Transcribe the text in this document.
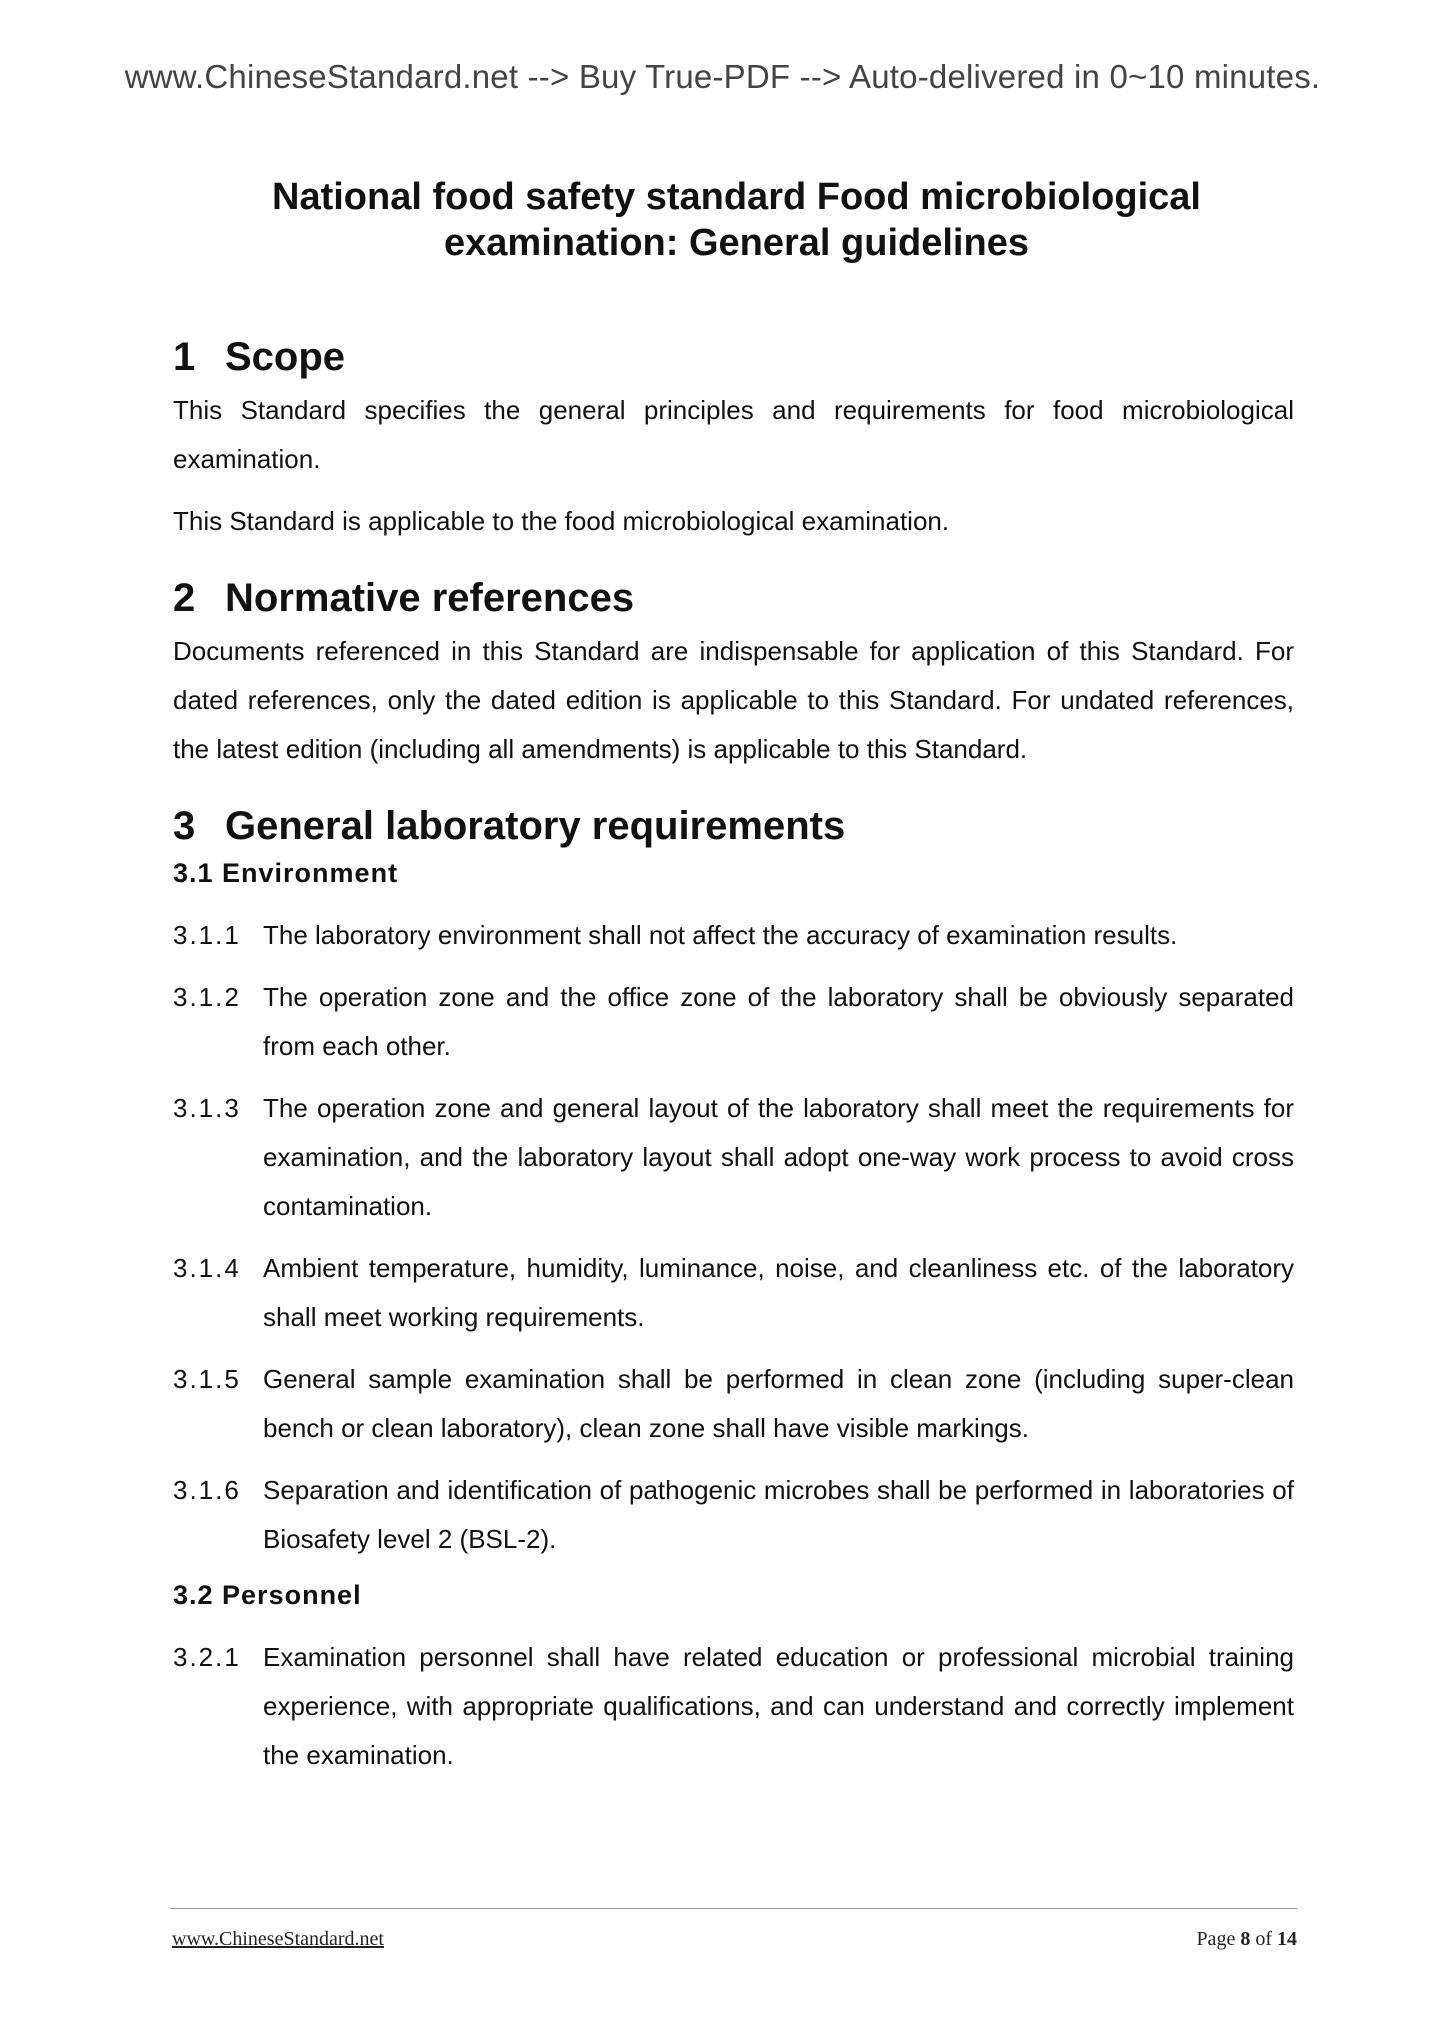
www.ChineseStandard.net --> Buy True-PDF --> Auto-delivered in 0~10 minutes.
National food safety standard Food microbiological
examination: General guidelines
1 Scope
This Standard specifies the general principles and requirements for food microbiological examination.
This Standard is applicable to the food microbiological examination.
2 Normative references
Documents referenced in this Standard are indispensable for application of this Standard. For dated references, only the dated edition is applicable to this Standard. For undated references, the latest edition (including all amendments) is applicable to this Standard.
3 General laboratory requirements
3.1 Environment
3.1.1 The laboratory environment shall not affect the accuracy of examination results.
3.1.2 The operation zone and the office zone of the laboratory shall be obviously separated from each other.
3.1.3 The operation zone and general layout of the laboratory shall meet the requirements for examination, and the laboratory layout shall adopt one-way work process to avoid cross contamination.
3.1.4 Ambient temperature, humidity, luminance, noise, and cleanliness etc. of the laboratory shall meet working requirements.
3.1.5 General sample examination shall be performed in clean zone (including super-clean bench or clean laboratory), clean zone shall have visible markings.
3.1.6 Separation and identification of pathogenic microbes shall be performed in laboratories of Biosafety level 2 (BSL-2).
3.2 Personnel
3.2.1 Examination personnel shall have related education or professional microbial training experience, with appropriate qualifications, and can understand and correctly implement the examination.
www.ChineseStandard.net	Page 8 of 14
